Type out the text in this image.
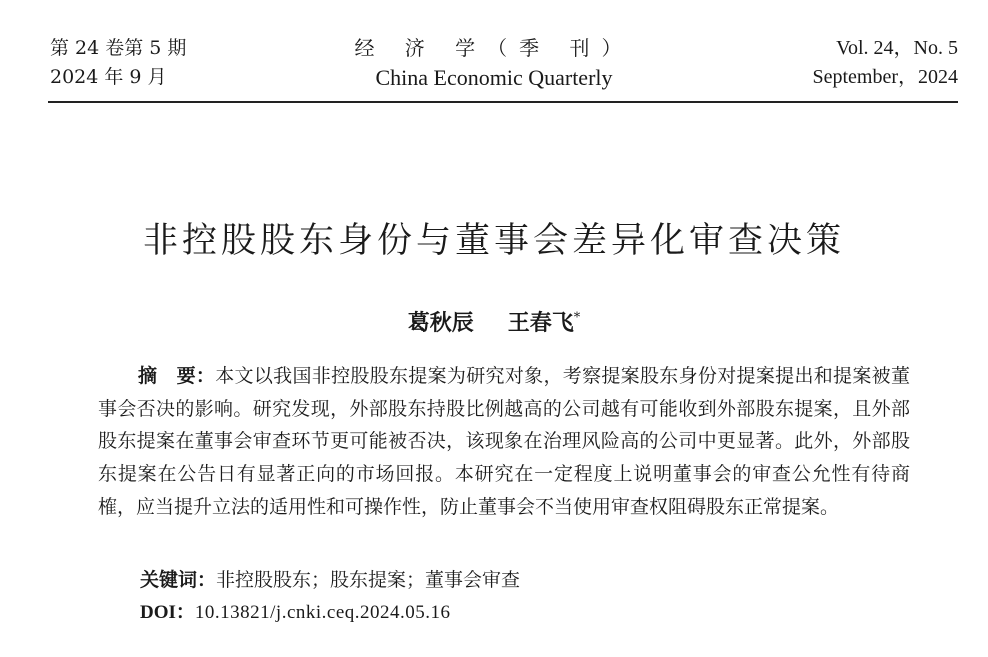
第 24 卷第 5 期
2024 年 9 月
经 济 学（季 刊）
China Economic Quarterly
Vol. 24，No. 5
September，2024
非控股股东身份与董事会差异化审查决策
葛秋辰 王春飞*

摘　要：本文以我国非控股股东提案为研究对象，考察提案股东身份对提案提出和提案被董事会否决的影响。研究发现，外部股东持股比例越高的公司越有可能收到外部股东提案，且外部股东提案在董事会审查环节更可能被否决，该现象在治理风险高的公司中更显著。此外，外部股东提案在公告日有显著正向的市场回报。本研究在一定程度上说明董事会的审查公允性有待商榷，应当提升立法的适用性和可操作性，防止董事会不当使用审查权阻碍股东正常提案。

关键词：非控股股东；股东提案；董事会审查
DOI：10.13821/j.cnki.ceq.2024.05.16
